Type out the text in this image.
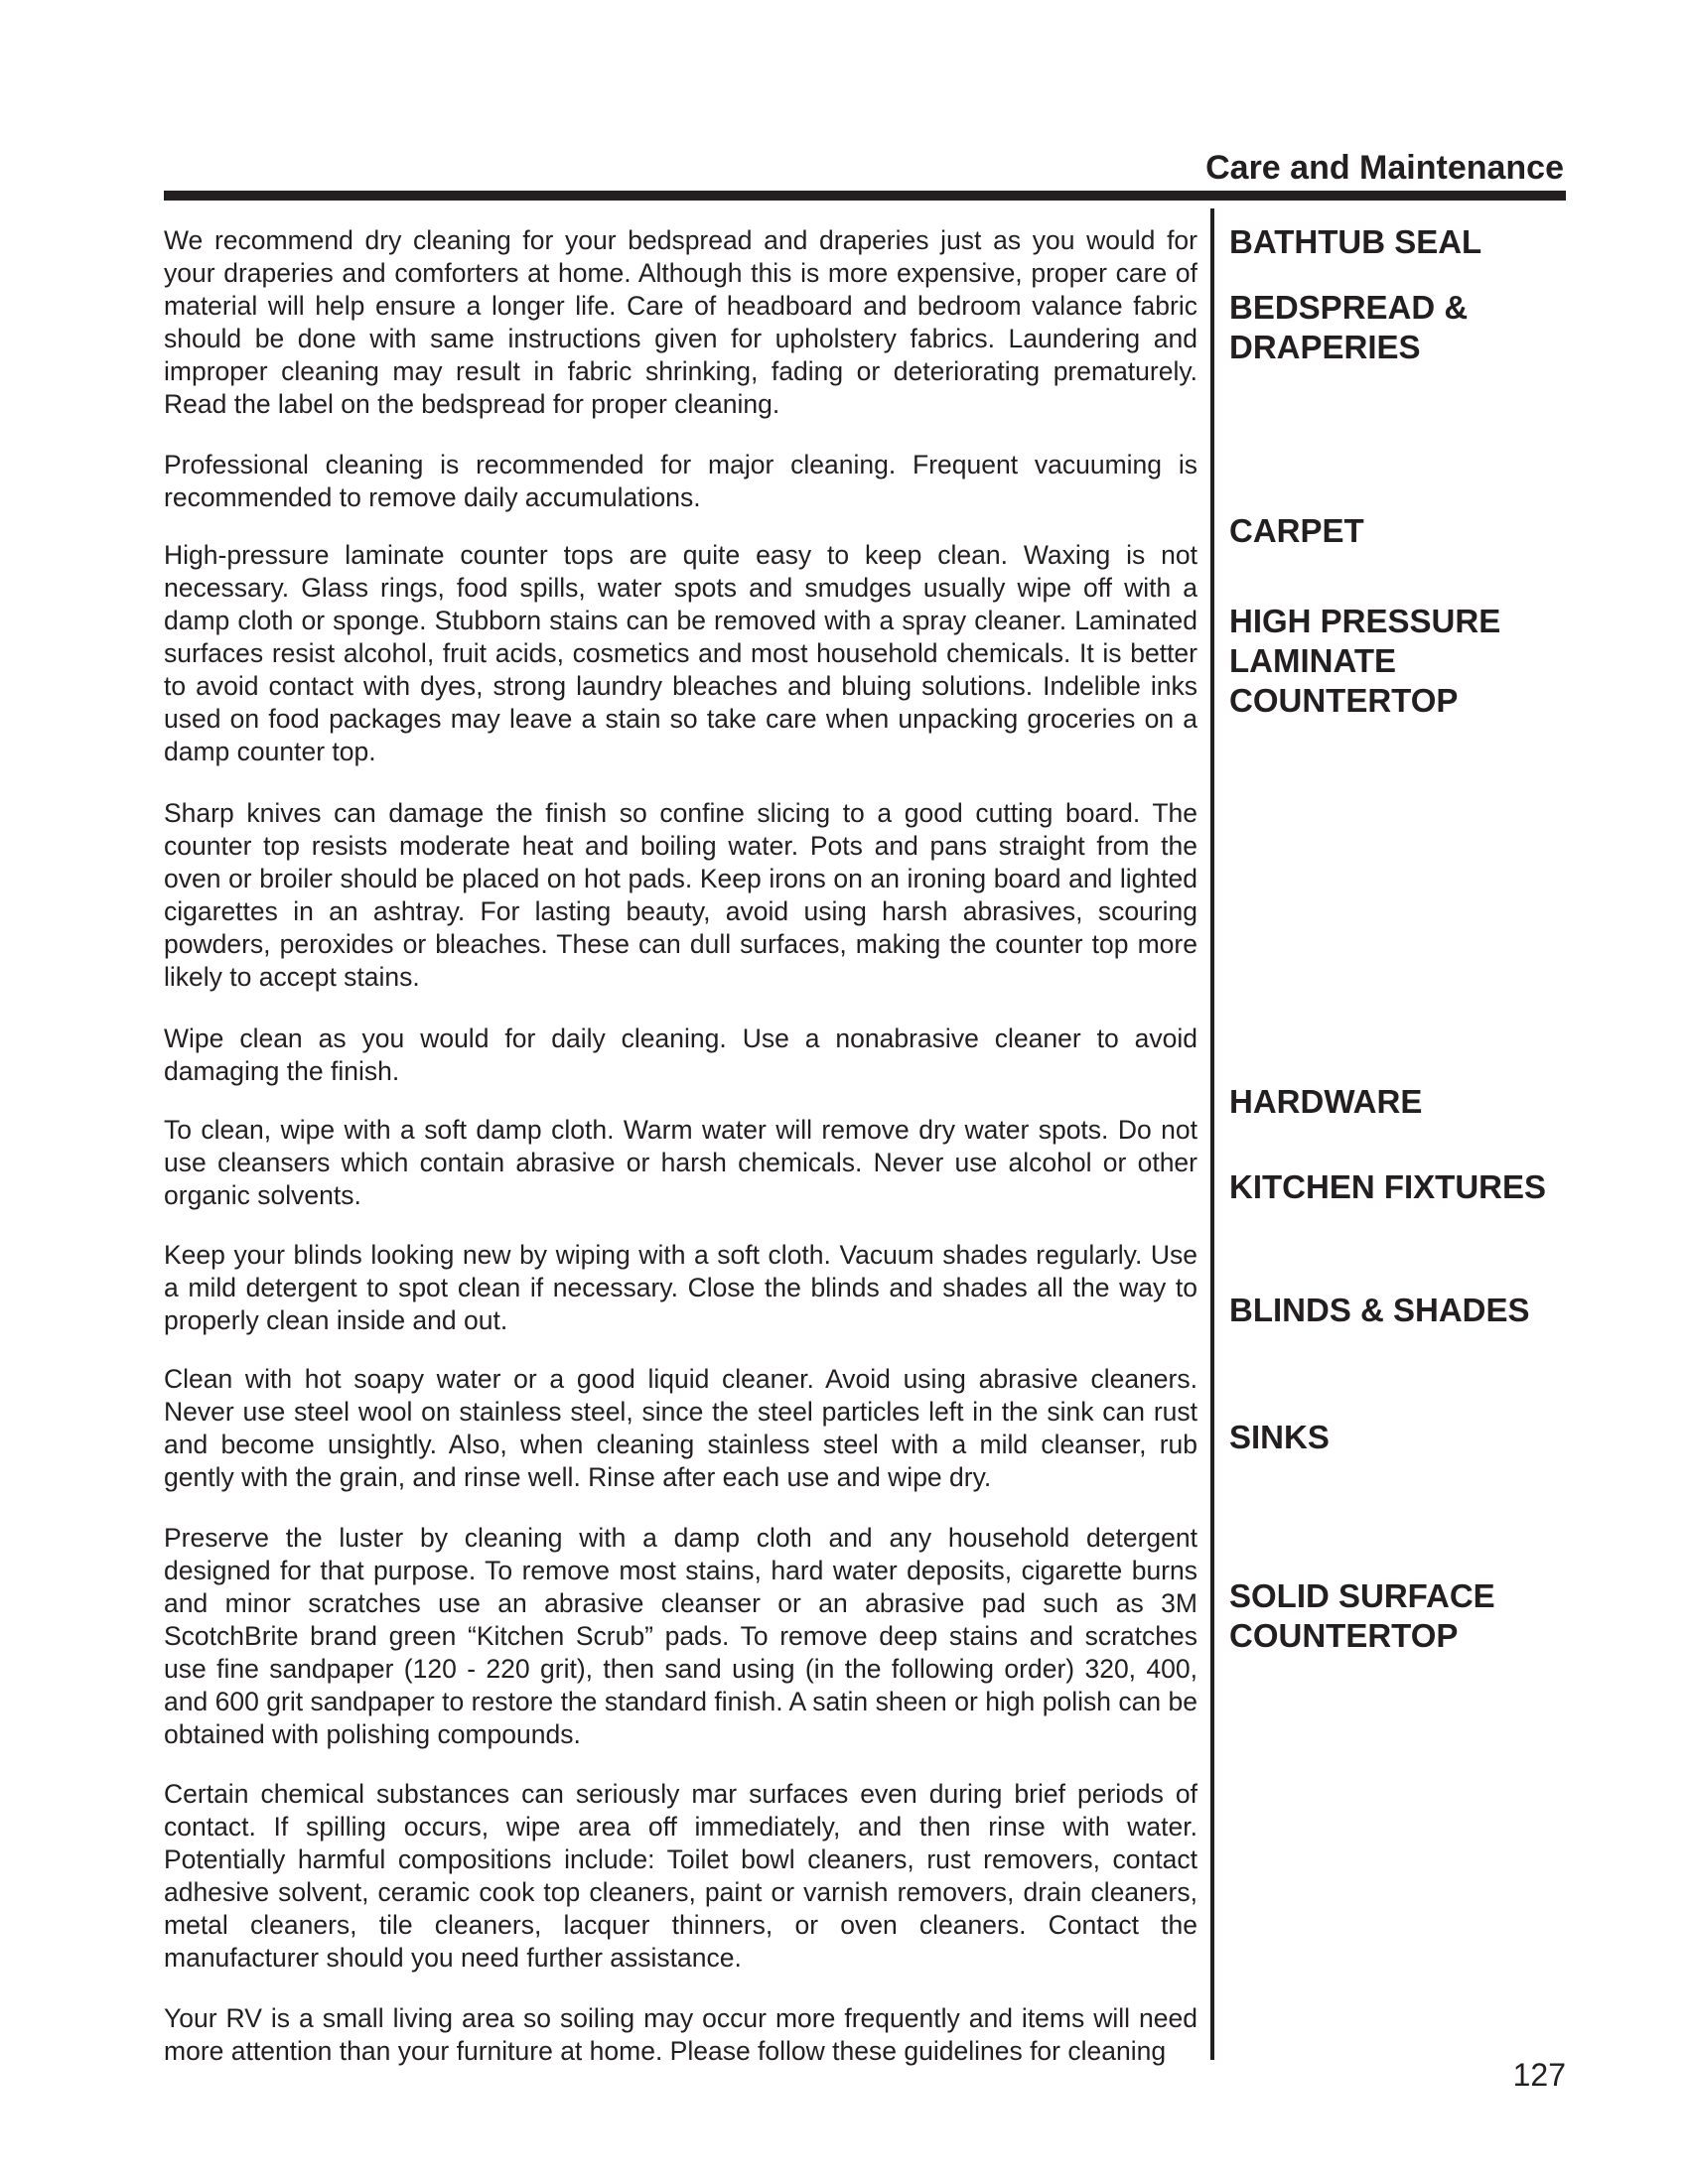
Care and Maintenance

We recommend dry cleaning for your bedspread and draperies just as you would for your draperies and comforters at home. Although this is more expensive, proper care of material will help ensure a longer life. Care of headboard and bedroom valance fabric should be done with same instructions given for upholstery fabrics. Laundering and improper cleaning may result in fabric shrinking, fading or deteriorating prematurely. Read the label on the bedspread for proper cleaning.

Professional cleaning is recommended for major cleaning. Frequent vacuuming is recommended to remove daily accumulations.

High-pressure laminate counter tops are quite easy to keep clean. Waxing is not necessary. Glass rings, food spills, water spots and smudges usually wipe off with a damp cloth or sponge. Stubborn stains can be removed with a spray cleaner. Laminated surfaces resist alcohol, fruit acids, cosmetics and most household chemicals. It is better to avoid contact with dyes, strong laundry bleaches and bluing solutions. Indelible inks used on food packages may leave a stain so take care when unpacking groceries on a damp counter top.

Sharp knives can damage the finish so confine slicing to a good cutting board. The counter top resists moderate heat and boiling water. Pots and pans straight from the oven or broiler should be placed on hot pads. Keep irons on an ironing board and lighted cigarettes in an ashtray. For lasting beauty, avoid using harsh abrasives, scouring powders, peroxides or bleaches. These can dull surfaces, making the counter top more likely to accept stains.

Wipe clean as you would for daily cleaning. Use a nonabrasive cleaner to avoid damaging the finish.

To clean, wipe with a soft damp cloth. Warm water will remove dry water spots. Do not use cleansers which contain abrasive or harsh chemicals. Never use alcohol or other organic solvents.

Keep your blinds looking new by wiping with a soft cloth. Vacuum shades regularly. Use a mild detergent to spot clean if necessary. Close the blinds and shades all the way to properly clean inside and out.

Clean with hot soapy water or a good liquid cleaner. Avoid using abrasive cleaners. Never use steel wool on stainless steel, since the steel particles left in the sink can rust and become unsightly. Also, when cleaning stainless steel with a mild cleanser, rub gently with the grain, and rinse well. Rinse after each use and wipe dry.

Preserve the luster by cleaning with a damp cloth and any household detergent designed for that purpose. To remove most stains, hard water deposits, cigarette burns and minor scratches use an abrasive cleanser or an abrasive pad such as 3M ScotchBrite brand green “Kitchen Scrub” pads. To remove deep stains and scratches use fine sandpaper (120 - 220 grit), then sand using (in the following order) 320, 400, and 600 grit sandpaper to restore the standard finish. A satin sheen or high polish can be obtained with polishing compounds.

Certain chemical substances can seriously mar surfaces even during brief periods of contact. If spilling occurs, wipe area off immediately, and then rinse with water. Potentially harmful compositions include: Toilet bowl cleaners, rust removers, contact adhesive solvent, ceramic cook top cleaners, paint or varnish removers, drain cleaners, metal cleaners, tile cleaners, lacquer thinners, or oven cleaners. Contact the manufacturer should you need further assistance.

Your RV is a small living area so soiling may occur more frequently and items will need more attention than your furniture at home. Please follow these guidelines for cleaning

BATHTUB SEAL
BEDSPREAD &
DRAPERIES
CARPET
HIGH PRESSURE
LAMINATE
COUNTERTOP
HARDWARE
KITCHEN FIXTURES
BLINDS & SHADES
SINKS
SOLID SURFACE
COUNTERTOP

127
